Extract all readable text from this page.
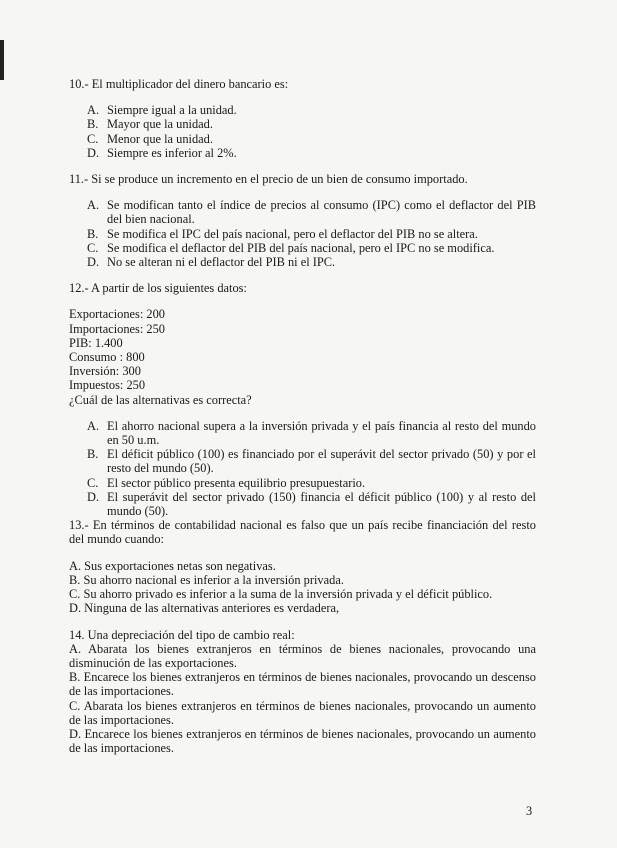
10.- El multiplicador del dinero bancario es:

A. Siempre igual a la unidad.
B. Mayor que la unidad.
C. Menor que la unidad.
D. Siempre es inferior al 2%.

11.- Si se produce un incremento en el precio de un bien de consumo importado.

A. Se modifican tanto el índice de precios al consumo (IPC) como el deflactor del PIB del bien nacional.
B. Se modifica el IPC del país nacional, pero el deflactor del PIB no se altera.
C. Se modifica el deflactor del PIB del país nacional, pero el IPC no se modifica.
D. No se alteran ni el deflactor del PIB ni el IPC.

12.- A partir de los siguientes datos:

Exportaciones: 200

Importaciones: 250

PIB: 1.400

Consumo : 800

Inversión: 300

Impuestos: 250

¿Cuál de las alternativas es correcta?

A. El ahorro nacional supera a la inversión privada y el país financia al resto del mundo en 50 u.m.
B. El déficit público (100) es financiado por el superávit del sector privado (50) y por el resto del mundo (50).
C. El sector público presenta equilibrio presupuestario.
D. El superávit del sector privado (150) financia el déficit público (100) y al resto del mundo (50).

13.- En términos de contabilidad nacional es falso que un país recibe financiación del resto del mundo cuando:

A. Sus exportaciones netas son negativas.

B. Su ahorro nacional es inferior a la inversión privada.

C. Su ahorro privado es inferior a la suma de la inversión privada y el déficit público.

D. Ninguna de las alternativas anteriores es verdadera,

14. Una depreciación del tipo de cambio real:

A. Abarata los bienes extranjeros en términos de bienes nacionales, provocando una disminución de las exportaciones.

B. Encarece los bienes extranjeros en términos de bienes nacionales, provocando un descenso de las importaciones.

C. Abarata los bienes extranjeros en términos de bienes nacionales, provocando un aumento de las importaciones.

D. Encarece los bienes extranjeros en términos de bienes nacionales, provocando un aumento de las importaciones.

3
